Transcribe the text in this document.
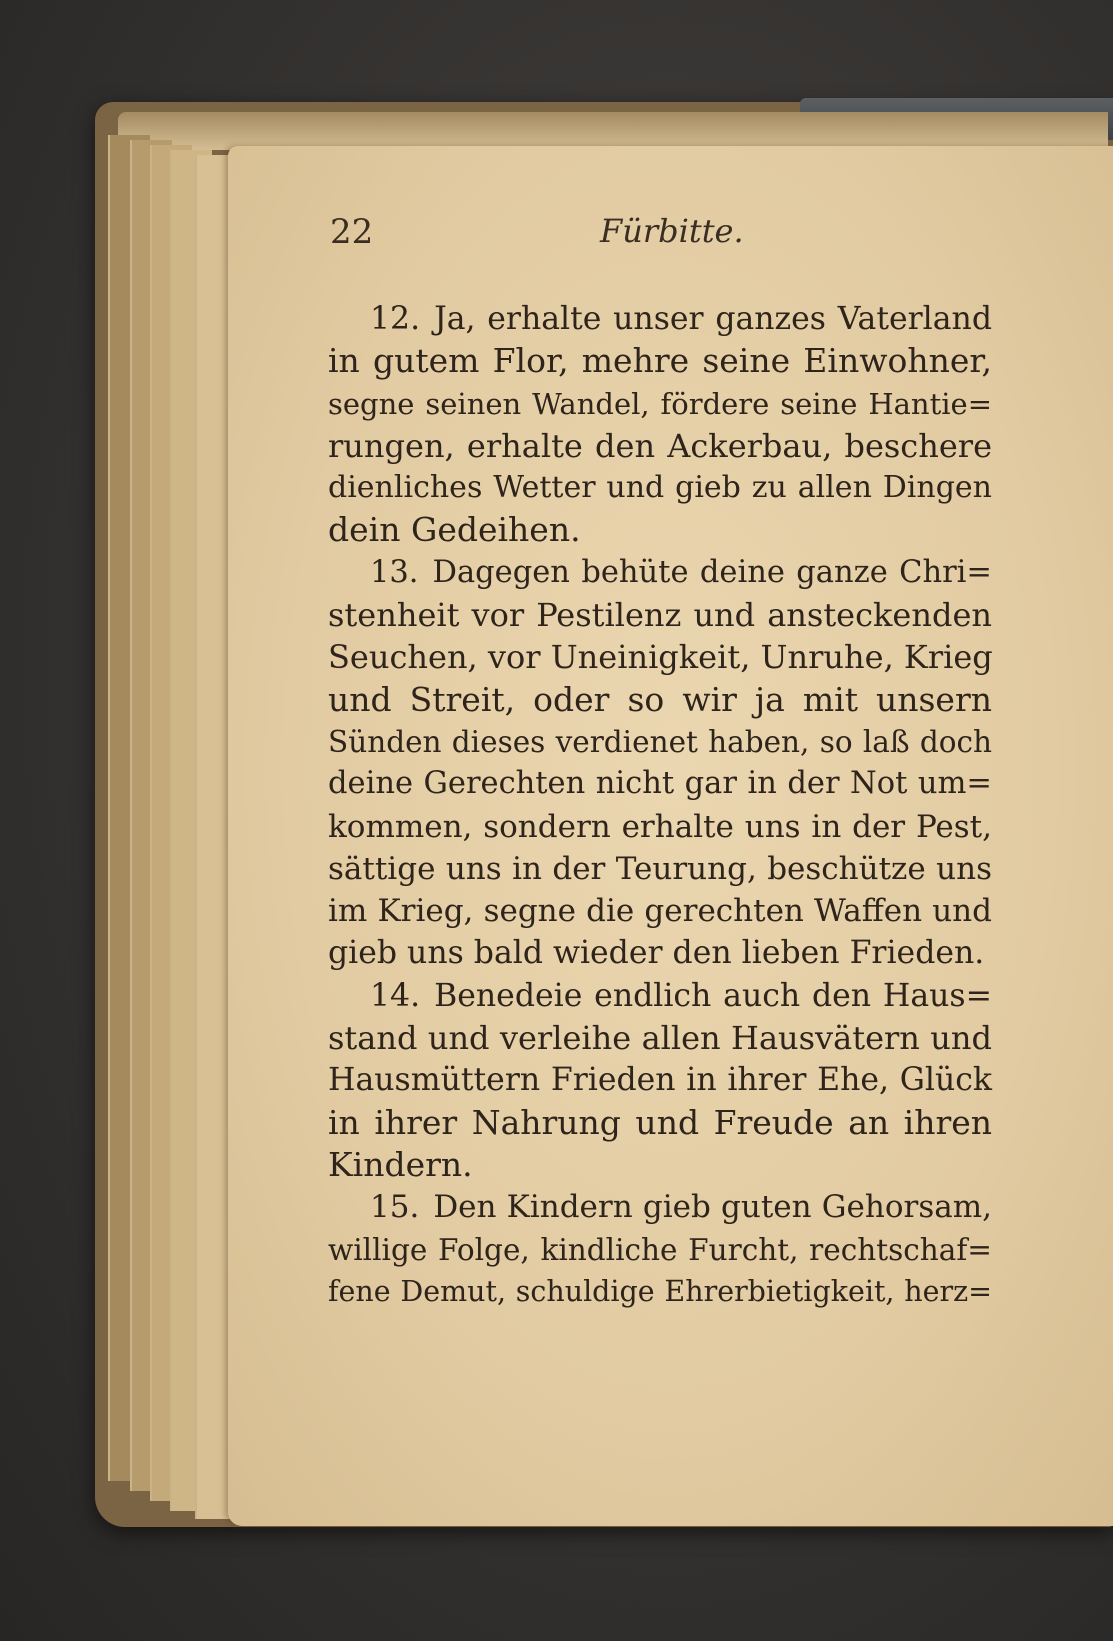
22	Fürbitte.
12. Ja, erhalte unser ganzes Vaterland
in gutem Flor, mehre seine Einwohner,
segne seinen Wandel, fördere seine Hantie=
rungen, erhalte den Ackerbau, beschere
dienliches Wetter und gieb zu allen Dingen
dein Gedeihen.
13. Dagegen behüte deine ganze Chri=
stenheit vor Pestilenz und ansteckenden
Seuchen, vor Uneinigkeit, Unruhe, Krieg
und Streit, oder so wir ja mit unsern
Sünden dieses verdienet haben, so laß doch
deine Gerechten nicht gar in der Not um=
kommen, sondern erhalte uns in der Pest,
sättige uns in der Teurung, beschütze uns
im Krieg, segne die gerechten Waffen und
gieb uns bald wieder den lieben Frieden.
14. Benedeie endlich auch den Haus=
stand und verleihe allen Hausvätern und
Hausmüttern Frieden in ihrer Ehe, Glück
in ihrer Nahrung und Freude an ihren
Kindern.
15. Den Kindern gieb guten Gehorsam,
willige Folge, kindliche Furcht, rechtschaf=
fene Demut, schuldige Ehrerbietigkeit, herz=
